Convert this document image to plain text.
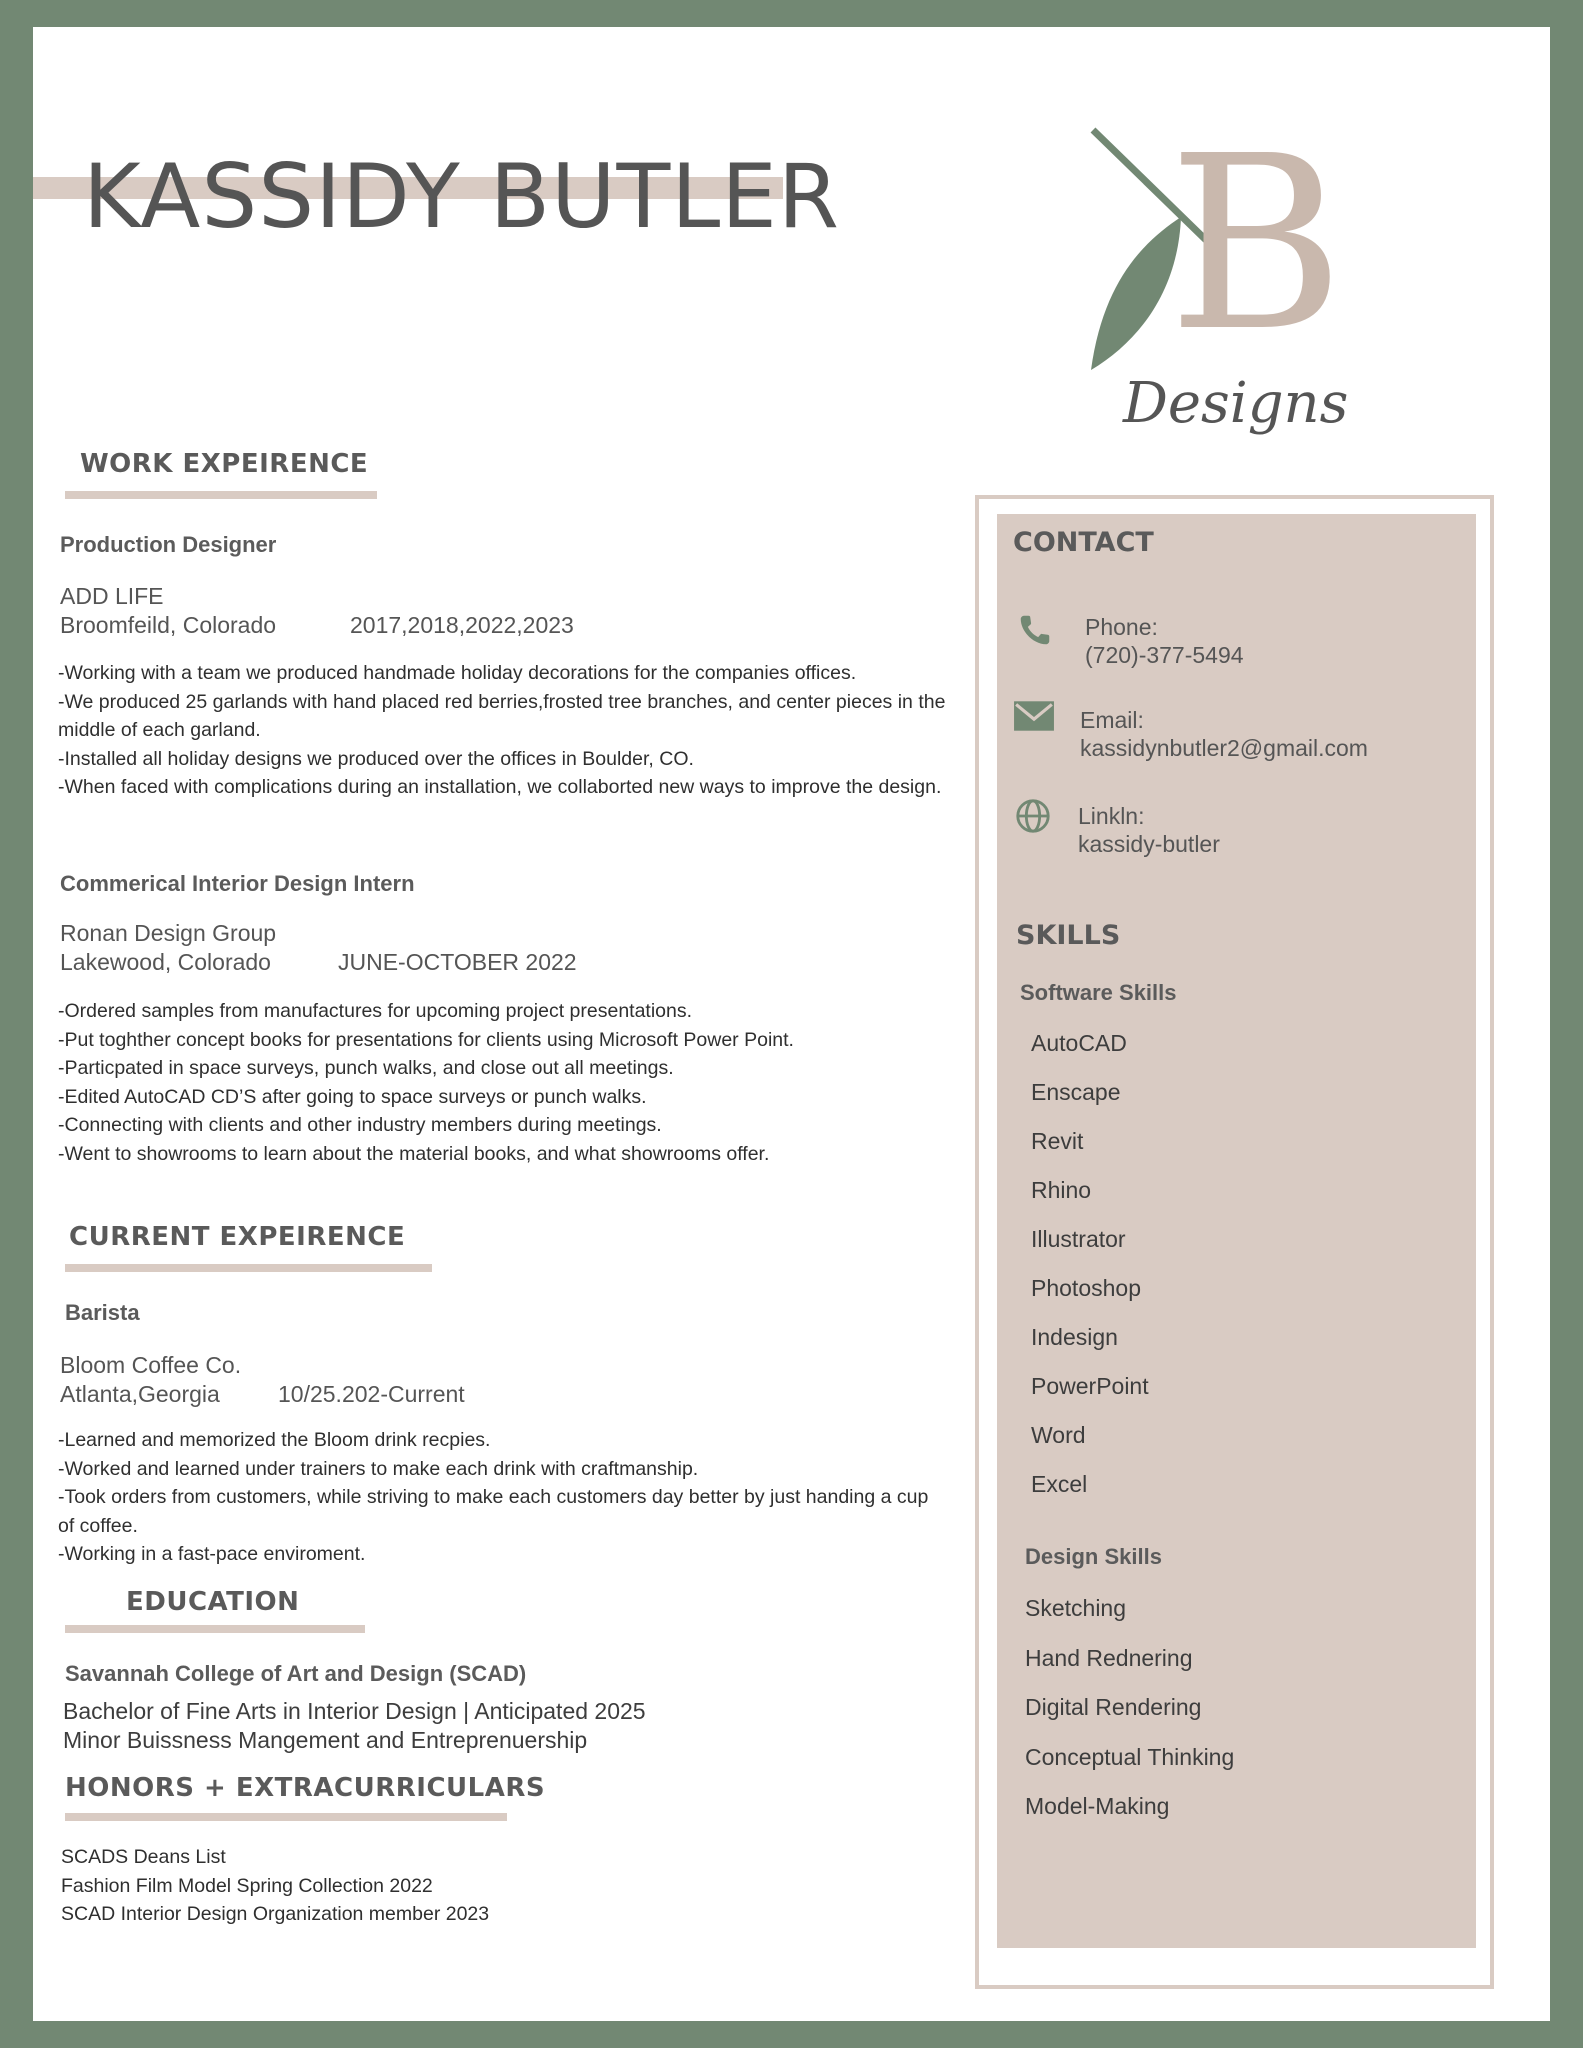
KASSIDY BUTLER B
Designs
WORK EXPEIRENCE
Production Designer
ADD LIFE
Broomfeild, Colorado	2017,2018,2022,2023
-Working with a team we produced handmade holiday decorations for the companies offices.
-We produced 25 garlands with hand placed red berries,frosted tree branches, and center pieces in the middle of each garland.
-Installed all holiday designs we produced over the offices in Boulder, CO.
-When faced with complications during an installation, we collaborted new ways to improve the design.
Commerical Interior Design Intern
Ronan Design Group
Lakewood, Colorado	JUNE-OCTOBER 2022
-Ordered samples from manufactures for upcoming project presentations.
-Put toghther concept books for presentations for clients using Microsoft Power Point.
-Particpated in space surveys, punch walks, and close out all meetings.
-Edited AutoCAD CD’S after going to space surveys or punch walks.
-Connecting with clients and other industry members during meetings.
-Went to showrooms to learn about the material books, and what showrooms offer.
CURRENT EXPEIRENCE
Barista
Bloom Coffee Co.
Atlanta,Georgia	10/25.202-Current
-Learned and memorized the Bloom drink recpies.
-Worked and learned under trainers to make each drink with craftmanship.
-Took orders from customers, while striving to make each customers day better by just handing a cup of coffee.
-Working in a fast-pace enviroment.
EDUCATION
Savannah College of Art and Design (SCAD)
Bachelor of Fine Arts in Interior Design | Anticipated 2025
Minor Buissness Mangement and Entreprenuership
HONORS + EXTRACURRICULARS
SCADS Deans List
Fashion Film Model Spring Collection 2022
SCAD Interior Design Organization member 2023
CONTACT
Phone:
(720)-377-5494
Email:
kassidynbutler2@gmail.com
Linkln:
kassidy-butler
SKILLS
Software Skills
AutoCAD
Enscape
Revit
Rhino
Illustrator
Photoshop
Indesign
PowerPoint
Word
Excel
Design Skills
Sketching
Hand Rednering
Digital Rendering
Conceptual Thinking
Model-Making
